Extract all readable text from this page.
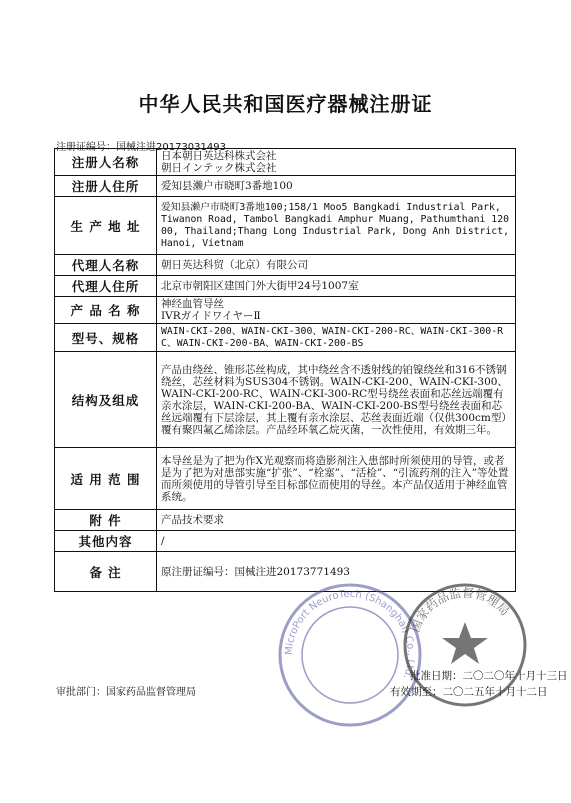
中华人民共和国医疗器械注册证
注册证编号：国械注进20173031493
注册人名称	日本朝日英达科株式会社
朝日インテック株式会社
注册人住所	爱知县濑户市晓町3番地100
生 产 地 址	爱知县濑户市晓町3番地100;158/1 Moo5 Bangkadi Industrial Park, Tiwanon Road, Tambol Bangkadi Amphur Muang, Pathumthani 12000, Thailand;Thang Long Industrial Park, Dong Anh District, Hanoi, Vietnam
代理人名称	朝日英达科贸（北京）有限公司
代理人住所	北京市朝阳区建国门外大街甲24号1007室
产 品 名 称	神经血管导丝
IVRガイドワイヤーⅡ
型号、规格	WAIN-CKI-200、WAIN-CKI-300、WAIN-CKI-200-RC、WAIN-CKI-300-RC、WAIN-CKI-200-BA、WAIN-CKI-200-BS
结构及组成	产品由绕丝、锥形芯丝构成，其中绕丝含不透射线的铂镍绕丝和316不锈钢绕丝，芯丝材料为SUS304不锈钢。WAIN-CKI-200、WAIN-CKI-300、WAIN-CKI-200-RC、WAIN-CKI-300-RC型号绕丝表面和芯丝远端覆有亲水涂层，WAIN-CKI-200-BA、WAIN-CKI-200-BS型号绕丝表面和芯丝远端覆有下层涂层，其上覆有亲水涂层、芯丝表面近端（仅供300cm型）覆有聚四氟乙烯涂层。产品经环氧乙烷灭菌，一次性使用，有效期三年。
适 用 范 围	本导丝是为了把为作X光观察而将造影剂注入患部时所须使用的导管，或者是为了把为对患部实施“扩张”、“栓塞”、“活检”、“引流药剂的注入”等处置而所须使用的导管引导至目标部位而使用的导丝。本产品仅适用于神经血管系统。
附 件	产品技术要求
其他内容	/
备 注	原注册证编号：国械注进20173771493
审批部门：国家药品监督管理局
批准日期：二〇二〇年十月十三日
有效期至：二〇二五年十月十二日
MicroPort NeuroTech (Shanghai) Co., Ltd.
国家药品监督管理局
